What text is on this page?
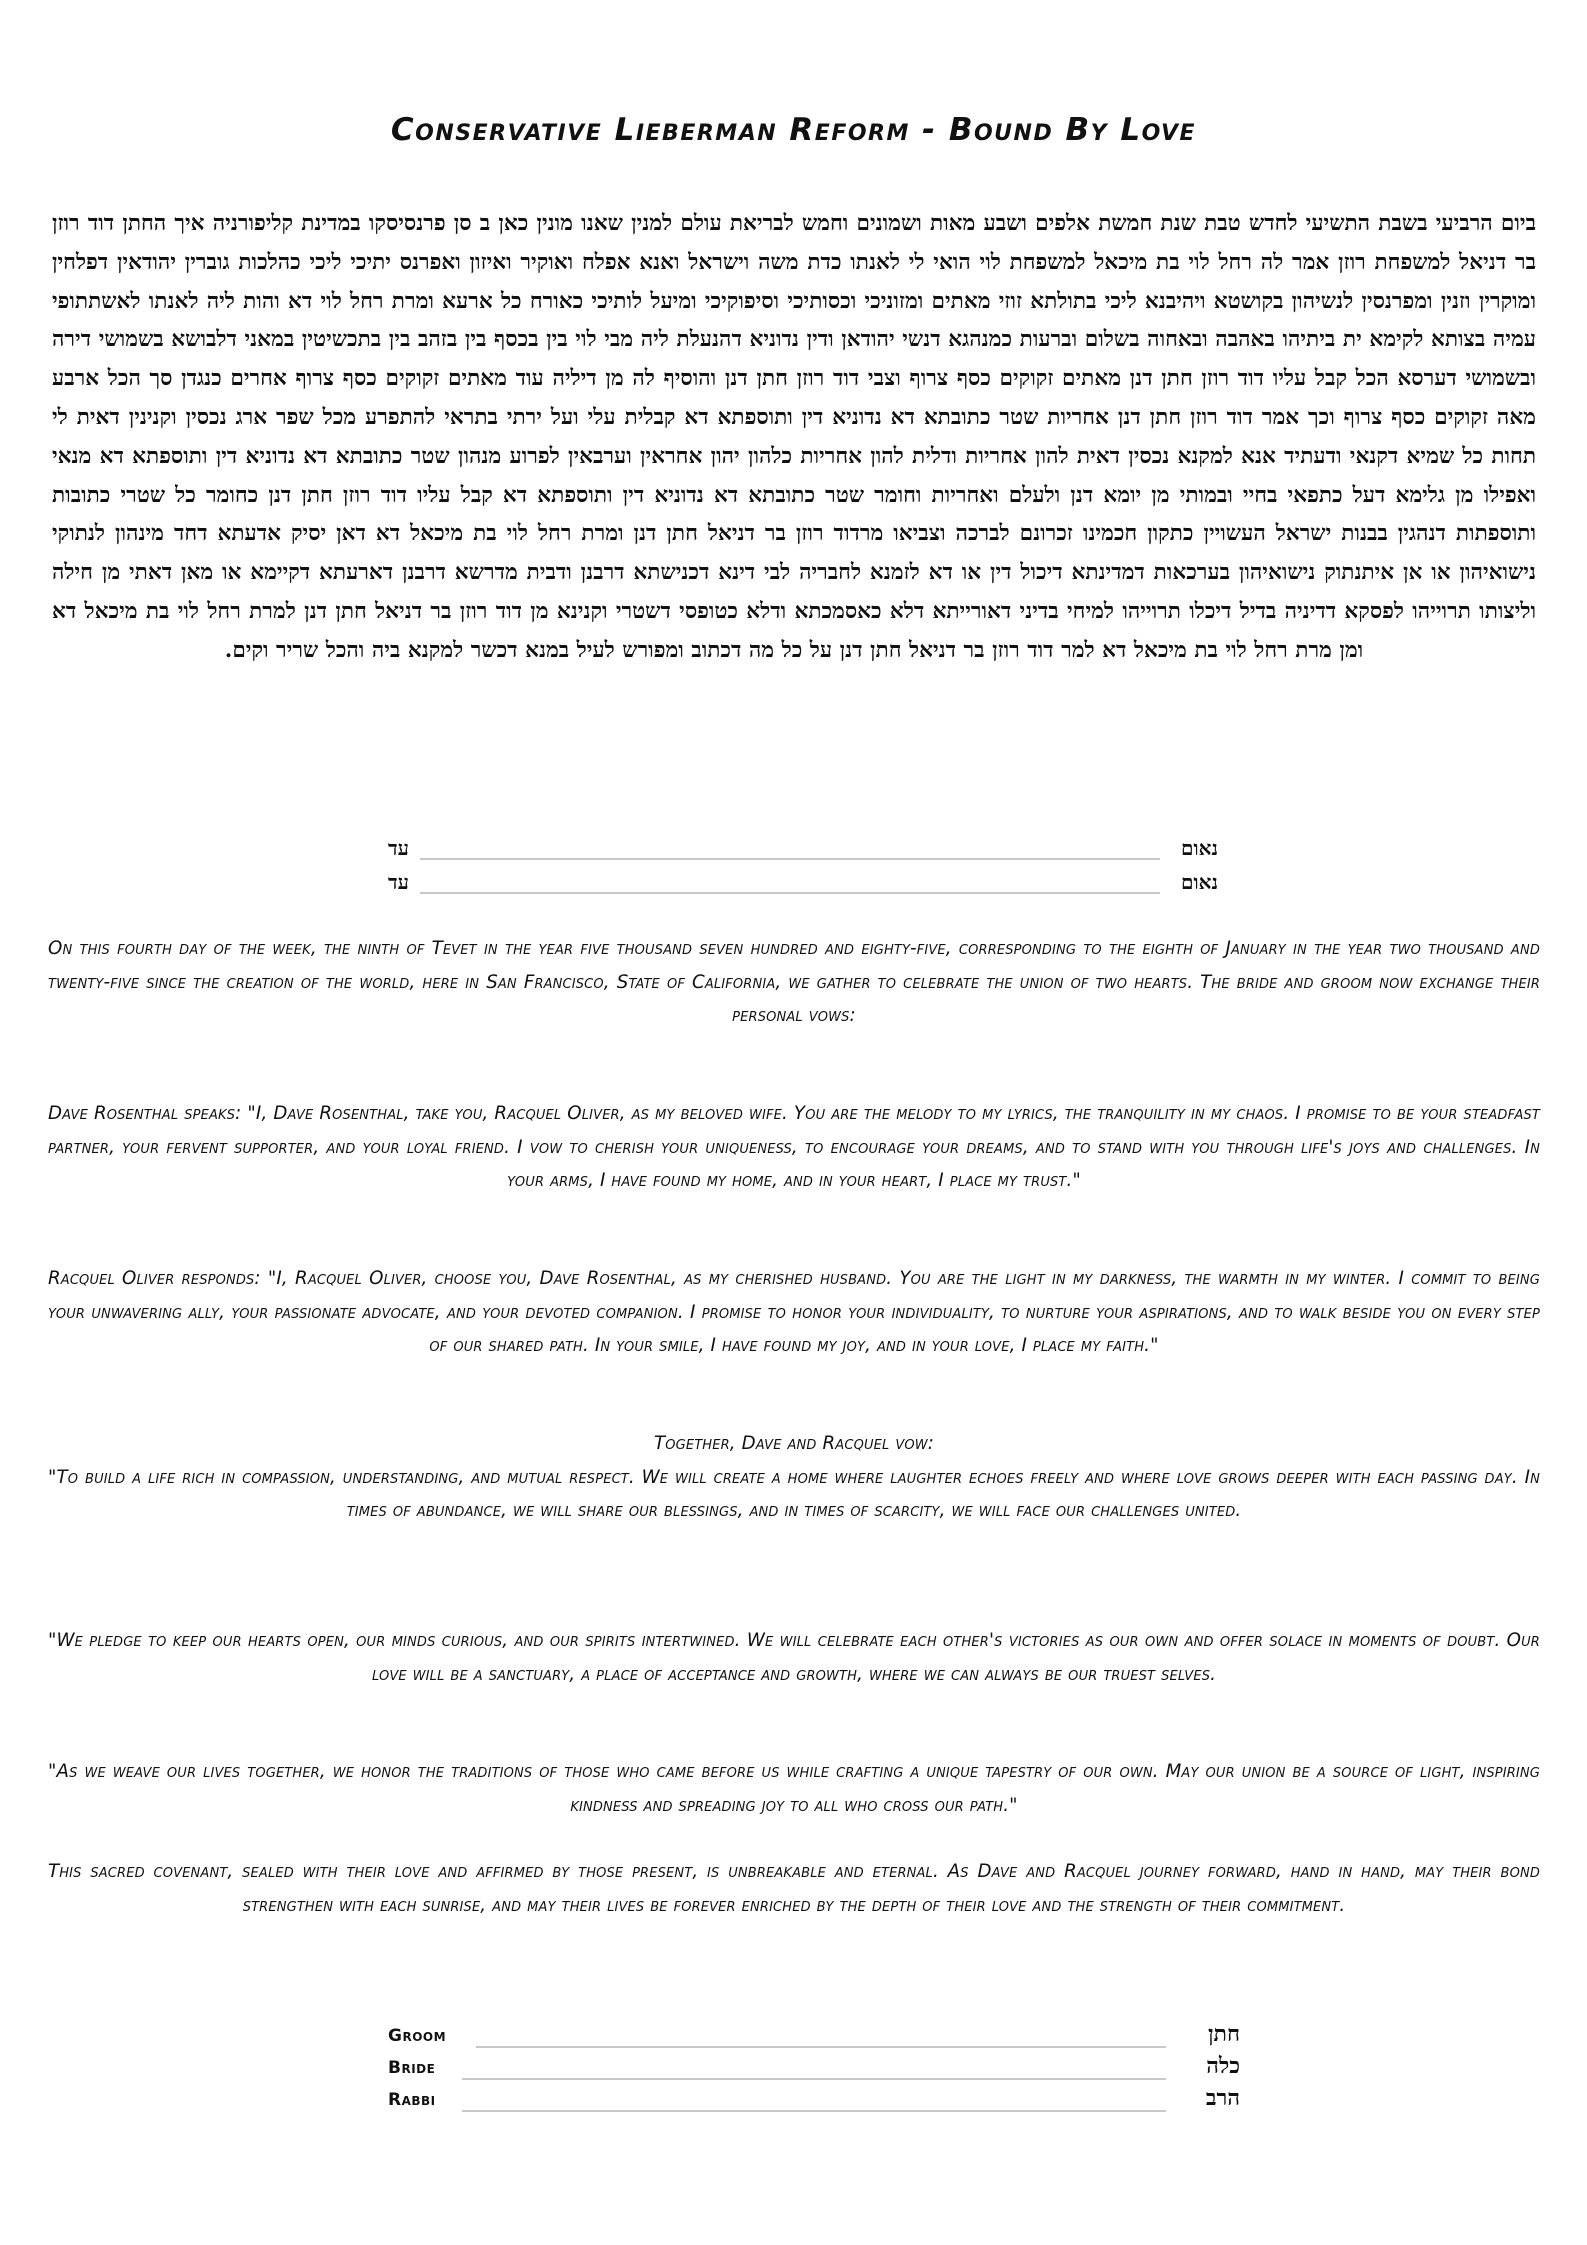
Conservative Lieberman Reform - Bound By Love
ביום הרביעי בשבת התשיעי לחדש טבת שנת חמשת אלפים ושבע מאות ושמונים וחמש לבריאת עולם למנין שאנו מונין כאן ב סן פרנסיסקו במדינת קליפורניה איך החתן דוד רוזן בר דניאל למשפחת רוזן אמר לה רחל לוי בת מיכאל למשפחת לוי הואי לי לאנתו כדת משה וישראל ואנא אפלח ואוקיר ואיזון ואפרנס יתיכי ליכי כהלכות גוברין יהודאין דפלחין ומוקרין וזנין ומפרנסין לנשיהון בקושטא ויהיבנא ליכי בתולתא זוזי מאתים ומזוניכי וכסותיכי וסיפוקיכי ומיעל לותיכי כאורח כל ארעא ומרת רחל לוי דא והות ליה לאנתו לאשתתופי עמיה בצותא לקימא ית ביתיהו באהבה ובאחוה בשלום וברעות כמנהגא דנשי יהודאן ודין נדוניא דהנעלת ליה מבי לוי בין בכסף בין בזהב בין בתכשיטין במאני דלבושא בשמושי דירה ובשמושי דערסא הכל קבל עליו דוד רוזן חתן דנן מאתים זקוקים כסף צרוף וצבי דוד רוזן חתן דנן והוסיף לה מן דיליה עוד מאתים זקוקים כסף צרוף אחרים כנגדן סך הכל ארבע מאה זקוקים כסף צרוף וכך אמר דוד רוזן חתן דנן אחריות שטר כתובתא דא נדוניא דין ותוספתא דא קבלית עלי ועל ירתי בתראי להתפרע מכל שפר ארג נכסין וקנינין דאית לי תחות כל שמיא דקנאי ודעתיד אנא למקנא נכסין דאית להון אחריות ודלית להון אחריות כלהון יהון אחראין וערבאין לפרוע מנהון שטר כתובתא דא נדוניא דין ותוספתא דא מנאי ואפילו מן גלימא דעל כתפאי בחיי ובמותי מן יומא דנן ולעלם ואחריות וחומר שטר כתובתא דא נדוניא דין ותוספתא דא קבל עליו דוד רוזן חתן דנן כחומר כל שטרי כתובות ותוספתות דנהגין בבנות ישראל העשויין כתקון חכמינו זכרונם לברכה וצביאו מרדוד רוזן בר דניאל חתן דנן ומרת רחל לוי בת מיכאל דא דאן יסיק אדעתא דחד מינהון לנתוקי נישואיהון או אן איתנתוק נישואיהון בערכאות דמדינתא דיכול דין או דא לזמנא לחבריה לבי דינא דכנישתא דרבנן ודבית מדרשא דרבנן דארעתא דקיימא או מאן דאתי מן חילה וליצותו תרוייהו לפסקא דדיניה בדיל דיכלו תרוייהו למיחי בדיני דאורייתא דלא כאסמכתא ודלא כטופסי דשטרי וקנינא מן דוד רוזן בר דניאל חתן דנן למרת רחל לוי בת מיכאל דא ומן מרת רחל לוי בת מיכאל דא למר דוד רוזן בר דניאל חתן דנן על כל מה דכתוב ומפורש לעיל במנא דכשר למקנא ביה והכל שריר וקים.
עד	נאום
עד	נאום
On this fourth day of the week, the ninth of Tevet in the year five thousand seven hundred and eighty-five, corresponding to the eighth of January in the year two thousand and twenty-five since the creation of the world, here in San Francisco, State of California, we gather to celebrate the union of two hearts. The bride and groom now exchange their personal vows:
Dave Rosenthal speaks: "I, Dave Rosenthal, take you, Racquel Oliver, as my beloved wife. You are the melody to my lyrics, the tranquility in my chaos. I promise to be your steadfast partner, your fervent supporter, and your loyal friend. I vow to cherish your uniqueness, to encourage your dreams, and to stand with you through life's joys and challenges. In your arms, I have found my home, and in your heart, I place my trust."
Racquel Oliver responds: "I, Racquel Oliver, choose you, Dave Rosenthal, as my cherished husband. You are the light in my darkness, the warmth in my winter. I commit to being your unwavering ally, your passionate advocate, and your devoted companion. I promise to honor your individuality, to nurture your aspirations, and to walk beside you on every step of our shared path. In your smile, I have found my joy, and in your love, I place my faith."
Together, Dave and Racquel vow:
"To build a life rich in compassion, understanding, and mutual respect. We will create a home where laughter echoes freely and where love grows deeper with each passing day. In times of abundance, we will share our blessings, and in times of scarcity, we will face our challenges united.
"We pledge to keep our hearts open, our minds curious, and our spirits intertwined. We will celebrate each other's victories as our own and offer solace in moments of doubt. Our love will be a sanctuary, a place of acceptance and growth, where we can always be our truest selves.
"As we weave our lives together, we honor the traditions of those who came before us while crafting a unique tapestry of our own. May our union be a source of light, inspiring kindness and spreading joy to all who cross our path."
This sacred covenant, sealed with their love and affirmed by those present, is unbreakable and eternal. As Dave and Racquel journey forward, hand in hand, may their bond strengthen with each sunrise, and may their lives be forever enriched by the depth of their love and the strength of their commitment.
Groom	חתן
Bride	כלה
Rabbi	הרב
